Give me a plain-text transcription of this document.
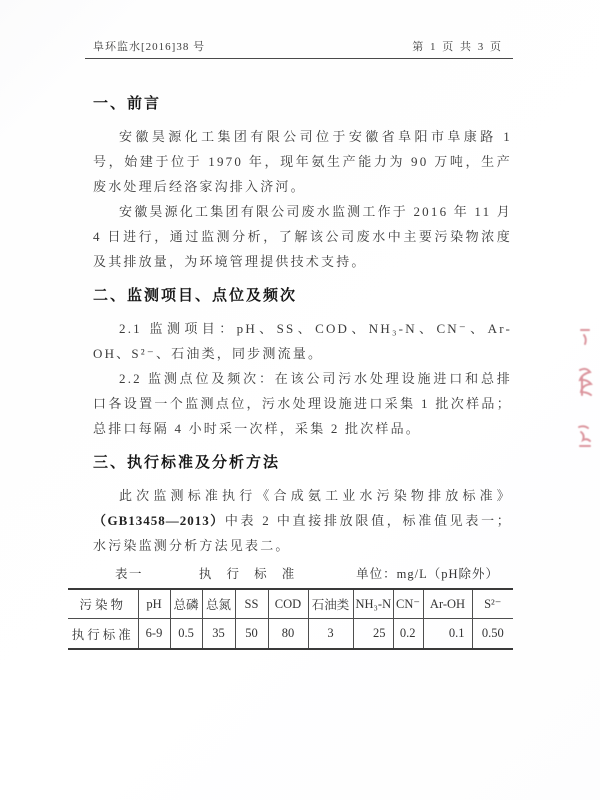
阜环监水[2016]38 号	第 1 页 共 3 页
一、前言

安徽昊源化工集团有限公司位于安徽省阜阳市阜康路 1 号，始建于位于 1970 年，现年氨生产能力为 90 万吨，生产废水处理后经洛家沟排入济河。

安徽昊源化工集团有限公司废水监测工作于 2016 年 11 月 4 日进行，通过监测分析，了解该公司废水中主要污染物浓度及其排放量，为环境管理提供技术支持。

二、监测项目、点位及频次

2.1 监测项目：pH、SS、COD、NH₃-N、CN⁻、Ar-OH、S²⁻、石油类，同步测流量。

2.2 监测点位及频次：在该公司污水处理设施进口和总排口各设置一个监测点位，污水处理设施进口采集 1 批次样品；总排口每隔 4 小时采一次样，采集 2 批次样品。

三、执行标准及分析方法

此次监测标准执行《合成氨工业水污染物排放标准》（GB13458—2013）中表 2 中直接排放限值，标准值见表一；水污染监测分析方法见表二。

表一	执 行 标 准	单位：mg/L（pH除外）
污染物	pH	总磷	总氮	SS	COD	石油类	NH₃-N	CN⁻	Ar-OH	S²⁻
执行标准	6-9	0.5	35	50	80	3	25	0.2	0.1	0.50
